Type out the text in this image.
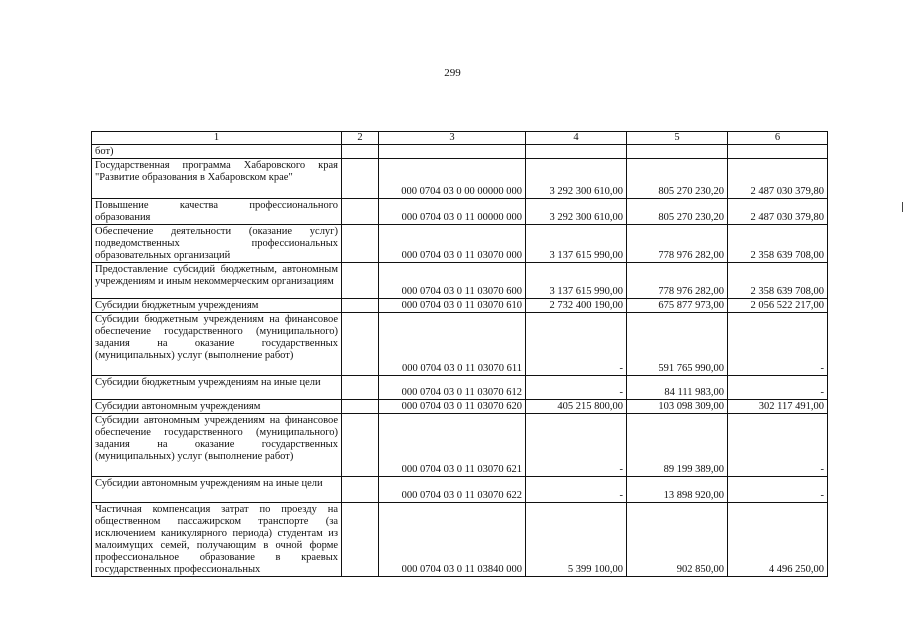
299
1	2	3	4	5	6
бот)					
Государственная программа Хабаровского края "Развитие образования в Хабаровском крае"		000 0704 03 0 00 00000 000	3 292 300 610,00	805 270 230,20	2 487 030 379,80
Повышение качества профессионального образования		000 0704 03 0 11 00000 000	3 292 300 610,00	805 270 230,20	2 487 030 379,80
Обеспечение деятельности (оказание услуг) подведомственных профессиональных образовательных организаций		000 0704 03 0 11 03070 000	3 137 615 990,00	778 976 282,00	2 358 639 708,00
Предоставление субсидий бюджетным, автономным учреждениям и иным некоммерческим организациям		000 0704 03 0 11 03070 600	3 137 615 990,00	778 976 282,00	2 358 639 708,00
Субсидии бюджетным учреждениям		000 0704 03 0 11 03070 610	2 732 400 190,00	675 877 973,00	2 056 522 217,00
Субсидии бюджетным учреждениям на финансовое обеспечение государственного (муниципального) задания на оказание государственных (муниципальных) услуг (выполнение работ)		000 0704 03 0 11 03070 611	-	591 765 990,00	-
Субсидии бюджетным учреждениям на иные цели		000 0704 03 0 11 03070 612	-	84 111 983,00	-
Субсидии автономным учреждениям		000 0704 03 0 11 03070 620	405 215 800,00	103 098 309,00	302 117 491,00
Субсидии автономным учреждениям на финансовое обеспечение государственного (муниципального) задания на оказание государственных (муниципальных) услуг (выполнение работ)		000 0704 03 0 11 03070 621	-	89 199 389,00	-
Субсидии автономным учреждениям на иные цели		000 0704 03 0 11 03070 622	-	13 898 920,00	-
Частичная компенсация затрат по проезду на общественном пассажирском транспорте (за исключением каникулярного периода) студентам из малоимущих семей, получающим в очной форме профессиональное образование в краевых государственных профессиональных		000 0704 03 0 11 03840 000	5 399 100,00	902 850,00	4 496 250,00
